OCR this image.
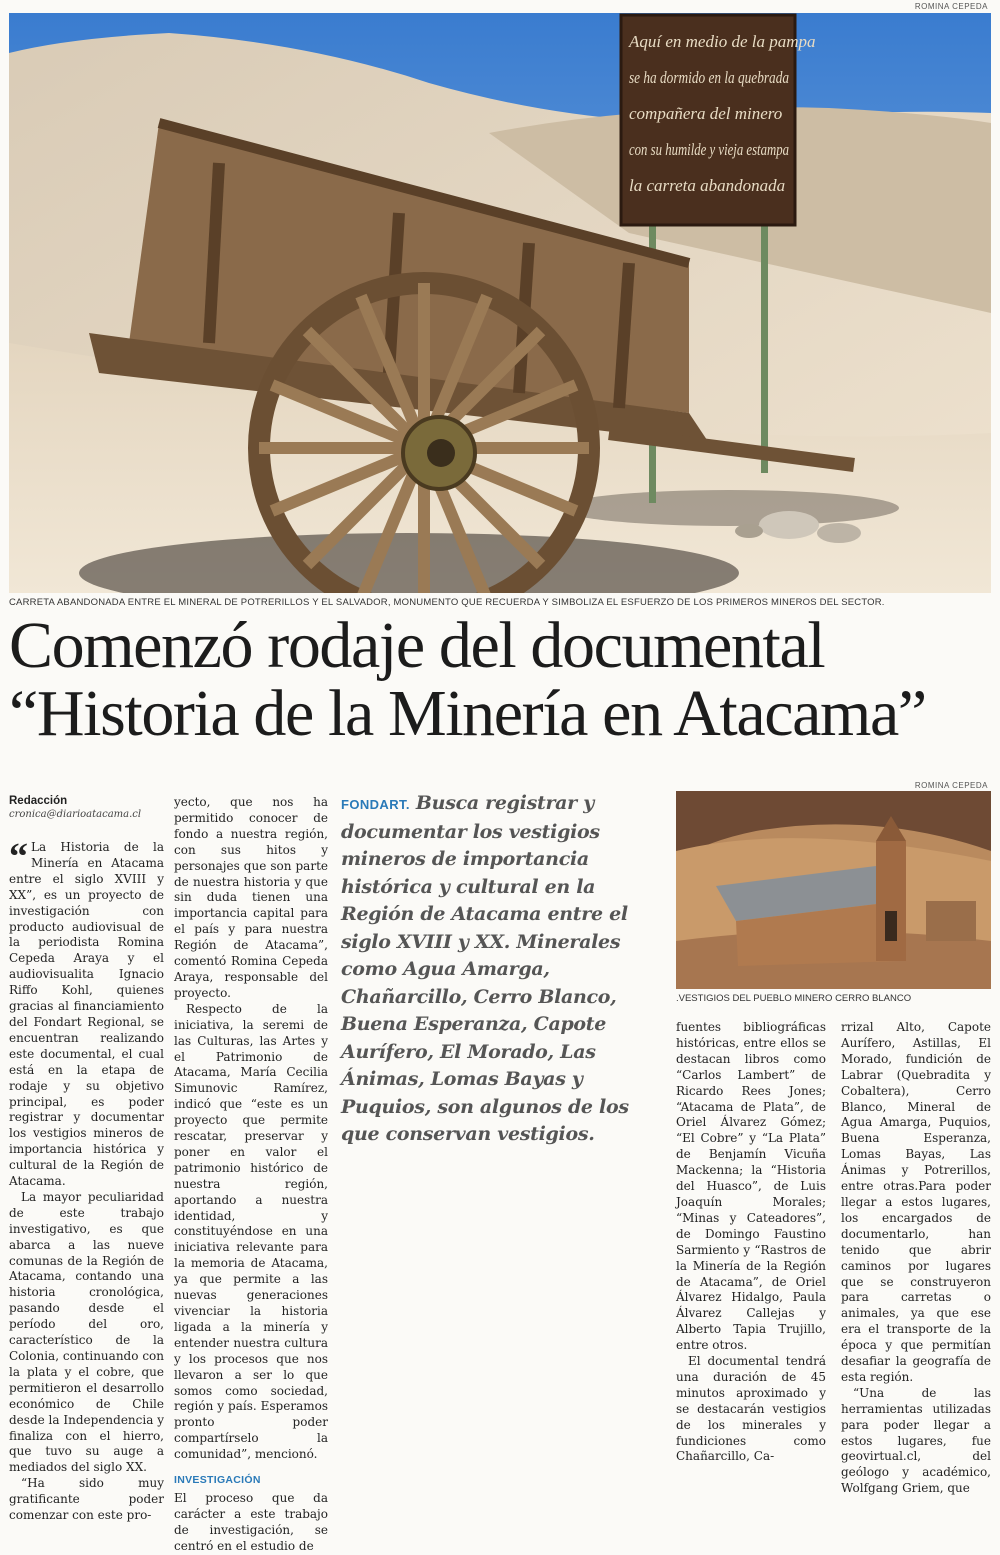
Aquí en medio de la pampa
se ha dormido en la quebrada
compañera del minero
con su humilde y vieja estampa
la carreta abandonada
ROMINA CEPEDA
CARRETA ABANDONADA ENTRE EL MINERAL DE POTRERILLOS Y EL SALVADOR, MONUMENTO QUE RECUERDA Y SIMBOLIZA EL ESFUERZO DE LOS PRIMEROS MINEROS DEL SECTOR.
Comenzó rodaje del documental
“Historia de la Minería en Atacama”
Redacción
cronica@diarioatacama.cl
“ La Historia de la Minería en Atacama entre el siglo XVIII y XX”, es un proyecto de investigación con producto audiovisual de la periodista Romina Cepeda Araya y el audiovisualita Ignacio Riffo Kohl, quienes gracias al financiamiento del Fondart Regional, se encuentran realizando este documental, el cual está en la etapa de rodaje y su objetivo principal, es poder registrar y documentar los vestigios mineros de importancia histórica y cultural de la Región de Atacama.

La mayor peculiaridad de este trabajo investigativo, es que abarca a las nueve comunas de la Región de Atacama, contando una historia cronológica, pasando desde el período del oro, característico de la Colonia, continuando con la plata y el cobre, que permitieron el desarrollo económico de Chile desde la Independencia y finaliza con el hierro, que tuvo su auge a mediados del siglo XX.

“Ha sido muy gratificante poder comenzar con este pro-

yecto, que nos ha permitido conocer de fondo a nuestra región, con sus hitos y personajes que son parte de nuestra historia y que sin duda tienen una importancia capital para el país y para nuestra Región de Atacama”, comentó Romina Cepeda Araya, responsable del proyecto.

Respecto de la iniciativa, la seremi de las Culturas, las Artes y el Patrimonio de Atacama, María Cecilia Simunovic Ramírez, indicó que “este es un proyecto que permite rescatar, preservar y poner en valor el patrimonio histórico de nuestra región, aportando a nuestra identidad, y constituyéndose en una iniciativa relevante para la memoria de Atacama, ya que permite a las nuevas generaciones vivenciar la historia ligada a la minería y entender nuestra cultura y los procesos que nos llevaron a ser lo que somos como sociedad, región y país. Esperamos pronto poder compartírselo la comunidad”, mencionó.

INVESTIGACIÓN

El proceso que da carácter a este trabajo de investigación, se centró en el estudio de

FONDART. Busca registrar y documentar los vestigios mineros de importancia histórica y cultural en la Región de Atacama entre el siglo XVIII y XX. Minerales como Agua Amarga, Chañarcillo, Cerro Blanco, Buena Esperanza, Capote Aurífero, El Morado, Las Ánimas, Lomas Bayas y Puquios, son algunos de los que conservan vestigios.
ROMINA CEPEDA
.VESTIGIOS DEL PUEBLO MINERO CERRO BLANCO

fuentes bibliográficas históricas, entre ellos se destacan libros como “Carlos Lambert” de Ricardo Rees Jones; “Atacama de Plata”, de Oriel Álvarez Gómez; “El Cobre” y “La Plata” de Benjamín Vicuña Mackenna; la “Historia del Huasco”, de Luis Joaquín Morales; “Minas y Cateadores”, de Domingo Faustino Sarmiento y “Rastros de la Minería de la Región de Atacama”, de Oriel Álvarez Hidalgo, Paula Álvarez Callejas y Alberto Tapia Trujillo, entre otros.

El documental tendrá una duración de 45 minutos aproximado y se destacarán vestigios de los minerales y fundiciones como Chañarcillo, Ca-

rrizal Alto, Capote Aurífero, Astillas, El Morado, fundición de Labrar (Quebradita y Cobaltera), Cerro Blanco, Mineral de Agua Amarga, Puquios, Buena Esperanza, Lomas Bayas, Las Ánimas y Potrerillos, entre otras.Para poder llegar a estos lugares, los encargados de documentarlo, han tenido que abrir caminos por lugares que se construyeron para carretas o animales, ya que ese era el transporte de la época y que permitían desafiar la geografía de esta región.

“Una de las herramientas utilizadas para poder llegar a estos lugares, fue geovirtual.cl, del geólogo y académico, Wolfgang Griem, que
